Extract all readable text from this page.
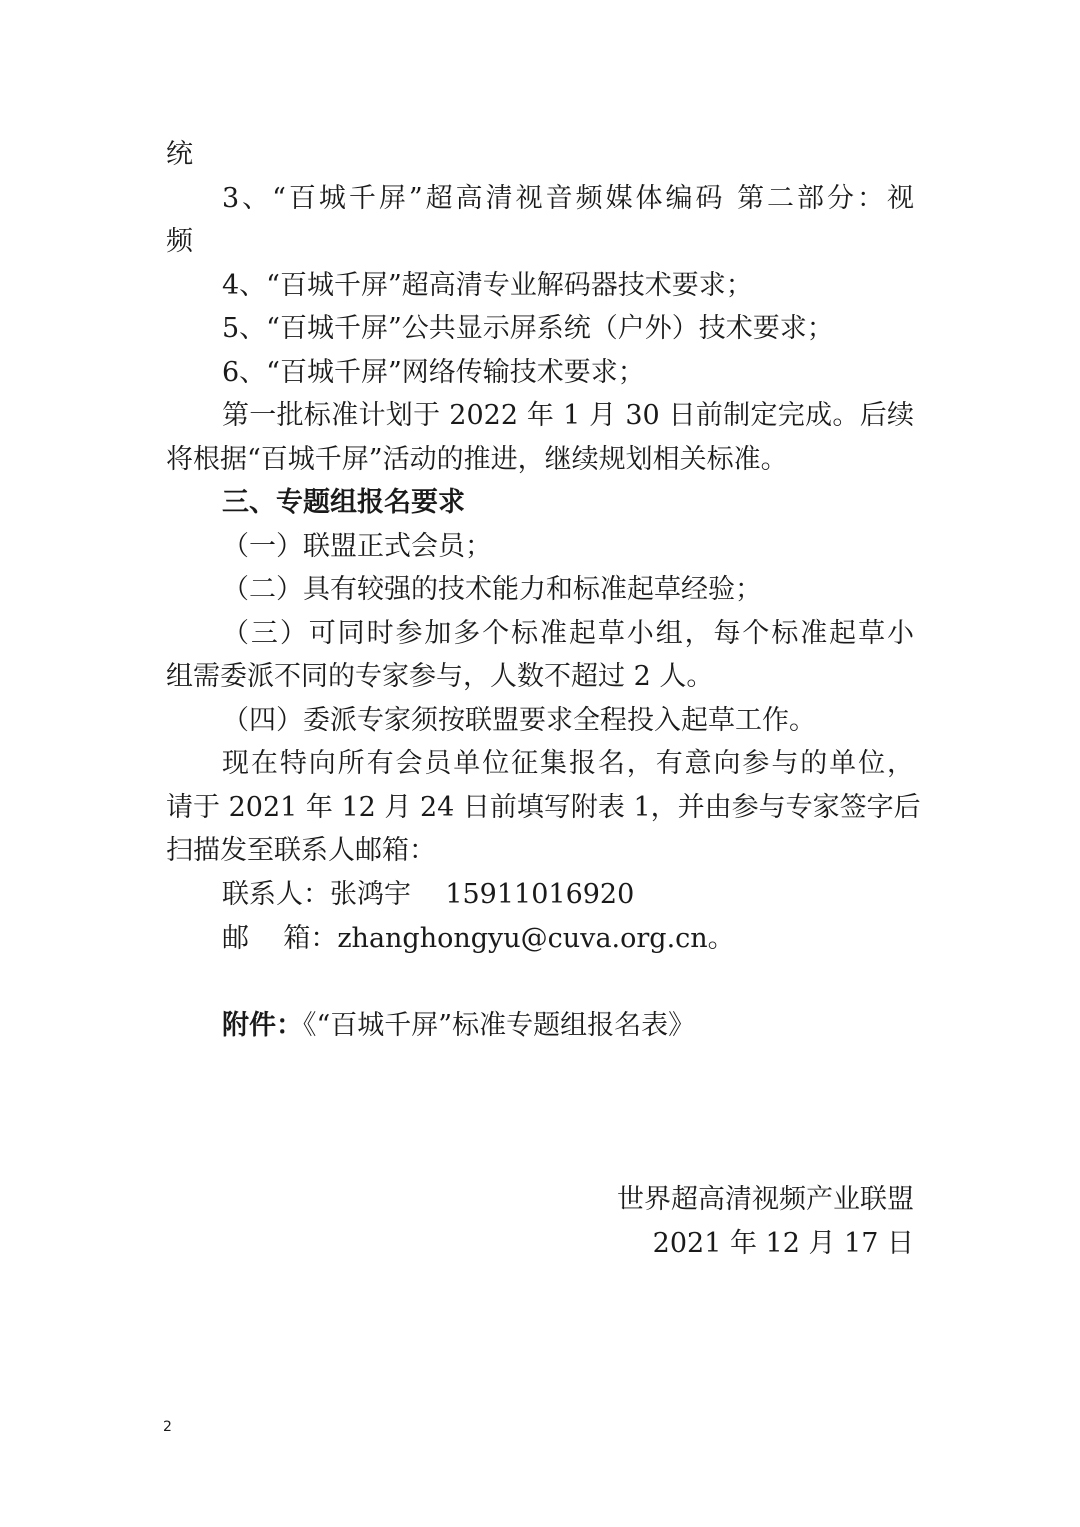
统
3、“百城千屏”超高清视音频媒体编码 第二部分：视
频
4、“百城千屏”超高清专业解码器技术要求；
5、“百城千屏”公共显示屏系统（户外）技术要求；
6、“百城千屏”网络传输技术要求；
第一批标准计划于 2022 年 1 月 30 日前制定完成。后续
将根据“百城千屏”活动的推进，继续规划相关标准。
三、专题组报名要求
（一）联盟正式会员；
（二）具有较强的技术能力和标准起草经验；
（三）可同时参加多个标准起草小组，每个标准起草小
组需委派不同的专家参与，人数不超过 2 人。
（四）委派专家须按联盟要求全程投入起草工作。
现在特向所有会员单位征集报名，有意向参与的单位，
请于 2021 年 12 月 24 日前填写附表 1，并由参与专家签字后
扫描发至联系人邮箱：
联系人：张鸿宇    15911016920
邮    箱：zhanghongyu@cuva.org.cn。
附件：《“百城千屏”标准专题组报名表》
世界超高清视频产业联盟
2021 年 12 月 17 日
2
